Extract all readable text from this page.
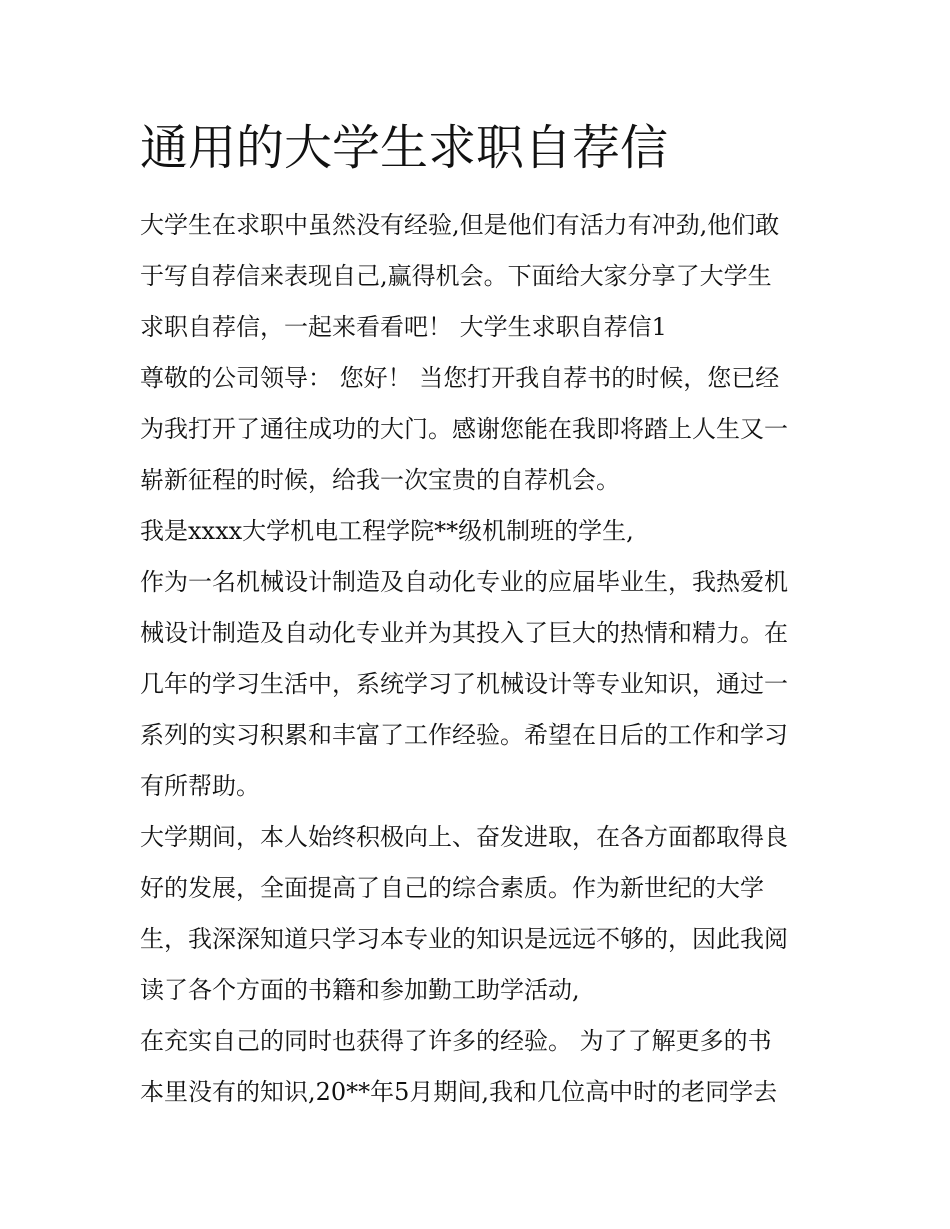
通用的大学生求职自荐信
大学生在求职中虽然没有经验,但是他们有活力有冲劲,他们敢
于写自荐信来表现自己,赢得机会。下面给大家分享了大学生
求职自荐信，一起来看看吧！ 大学生求职自荐信1
尊敬的公司领导： 您好！ 当您打开我自荐书的时候，您已经
为我打开了通往成功的大门。感谢您能在我即将踏上人生又一
崭新征程的时候，给我一次宝贵的自荐机会。
我是xxxx大学机电工程学院**级机制班的学生,
作为一名机械设计制造及自动化专业的应届毕业生，我热爱机
械设计制造及自动化专业并为其投入了巨大的热情和精力。在
几年的学习生活中，系统学习了机械设计等专业知识，通过一
系列的实习积累和丰富了工作经验。希望在日后的工作和学习
有所帮助。
大学期间，本人始终积极向上、奋发进取，在各方面都取得良
好的发展，全面提高了自己的综合素质。作为新世纪的大学
生，我深深知道只学习本专业的知识是远远不够的，因此我阅
读了各个方面的书籍和参加勤工助学活动,
在充实自己的同时也获得了许多的经验。 为了了解更多的书
本里没有的知识,20**年5月期间,我和几位高中时的老同学去
